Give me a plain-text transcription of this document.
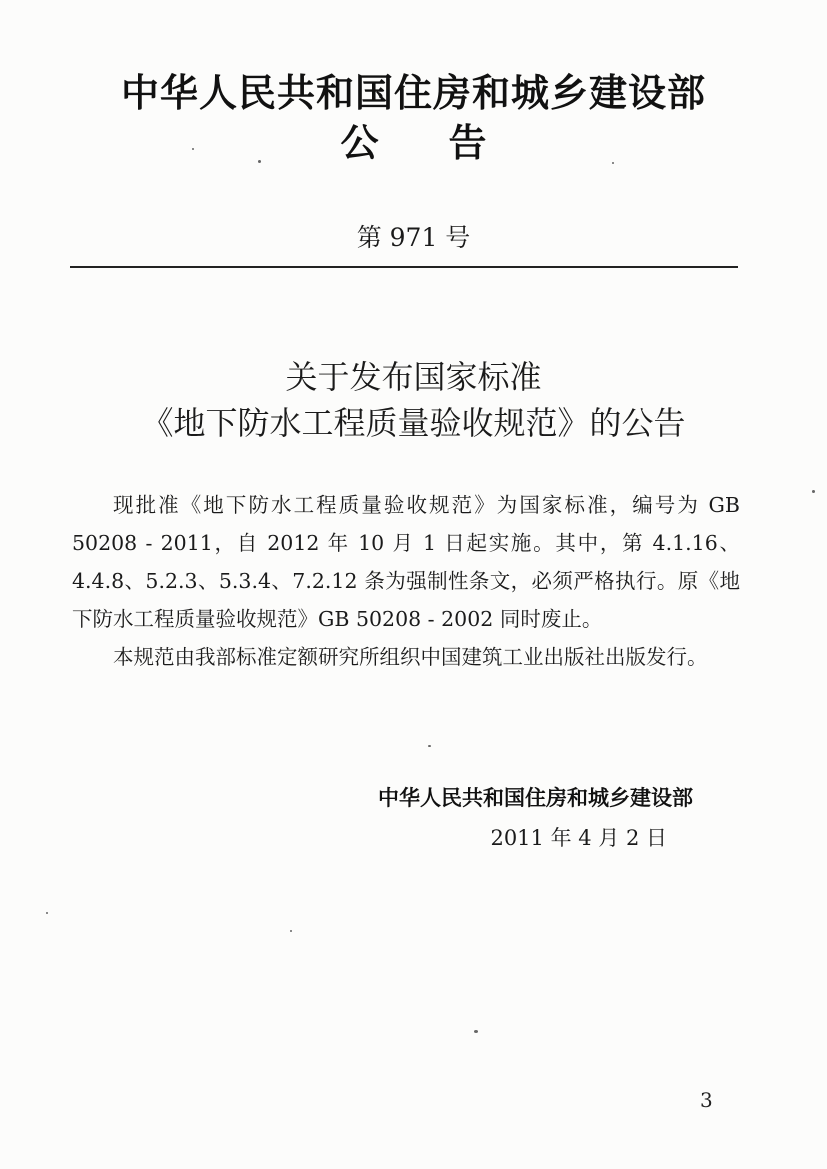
中华人民共和国住房和城乡建设部
公告
第 971 号
关于发布国家标准
《地下防水工程质量验收规范》的公告

现批准《地下防水工程质量验收规范》为国家标准，编号为 GB 50208 - 2011，自 2012 年 10 月 1 日起实施。其中，第 4.1.16、4.4.8、5.2.3、5.3.4、7.2.12 条为强制性条文，必须严格执行。原《地下防水工程质量验收规范》GB 50208 - 2002 同时废止。

本规范由我部标准定额研究所组织中国建筑工业出版社出版发行。

中华人民共和国住房和城乡建设部
2011 年 4 月 2 日
3
